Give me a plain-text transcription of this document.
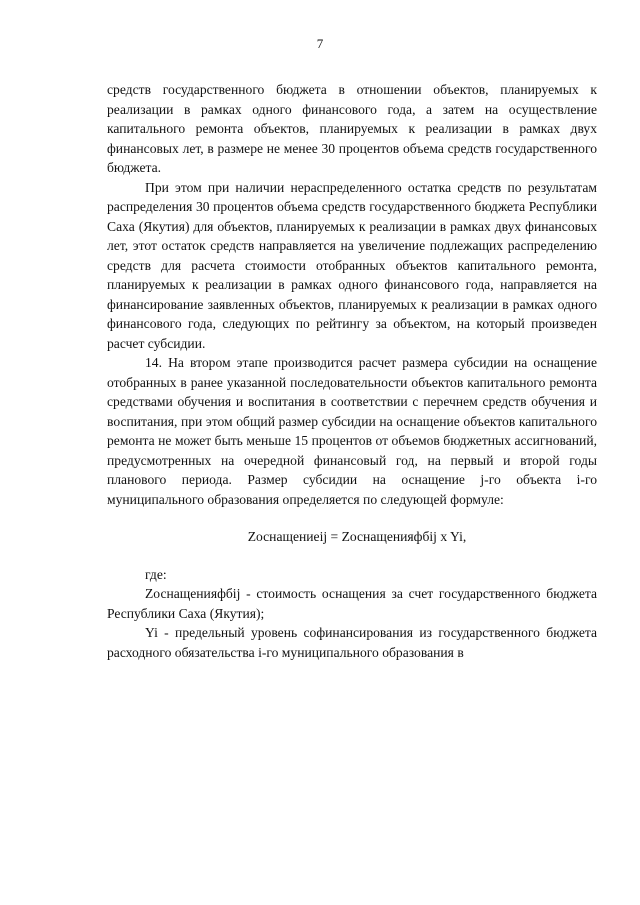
7

средств государственного бюджета в отношении объектов, планируемых к реализации в рамках одного финансового года, а затем на осуществление капитального ремонта объектов, планируемых к реализации в рамках двух финансовых лет, в размере не менее 30 процентов объема средств государственного бюджета.

При этом при наличии нераспределенного остатка средств по результатам распределения 30 процентов объема средств государственного бюджета Республики Саха (Якутия) для объектов, планируемых к реализации в рамках двух финансовых лет, этот остаток средств направляется на увеличение подлежащих распределению средств для расчета стоимости отобранных объектов капитального ремонта, планируемых к реализации в рамках одного финансового года, направляется на финансирование заявленных объектов, планируемых к реализации в рамках одного финансового года, следующих по рейтингу за объектом, на который произведен расчет субсидии.

14. На втором этапе производится расчет размера субсидии на оснащение отобранных в ранее указанной последовательности объектов капитального ремонта средствами обучения и воспитания в соответствии с перечнем средств обучения и воспитания, при этом общий размер субсидии на оснащение объектов капитального ремонта не может быть меньше 15 процентов от объемов бюджетных ассигнований, предусмотренных на очередной финансовый год, на первый и второй годы планового периода. Размер субсидии на оснащение j-го объекта i-го муниципального образования определяется по следующей формуле:

Zоснащениеij = Zоснащенияфбij x Yi,

где:

Zоснащенияфбij - стоимость оснащения за счет государственного бюджета Республики Саха (Якутия);

Yi - предельный уровень софинансирования из государственного бюджета расходного обязательства i-го муниципального образования в
